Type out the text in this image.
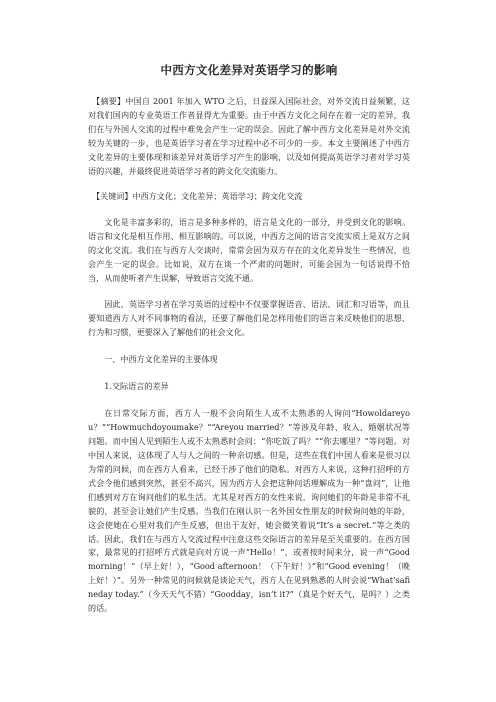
中西方文化差异对英语学习的影响

【摘要】中国自 2001 年加入 WTO 之后，日益深入国际社会，对外交流日益频繁，这对我们国内的专业英语工作者显得尤为重要。由于中西方文化之间存在着一定的差异，我们在与外国人交流的过程中难免会产生一定的误会。因此了解中西方文化差异是对外交流较为关键的一步，也是英语学习者在学习过程中必不可少的一步。本文主要阐述了中西方文化差异的主要体现和该差异对英语学习产生的影响，以及如何提高英语学习者对学习英语的兴趣，并最终促进英语学习者的跨文化交流能力。

【关键词】中西方文化；文化差异；英语学习；跨文化交流

文化是丰富多彩的，语言是多种多样的，语言是文化的一部分，并受到文化的影响。语言和文化是相互作用、相互影响的。可以说，中西方之间的语言交流实质上是双方之间的文化交流。我们在与西方人交谈时，常常会因为双方存在的文化差异发生一些情况，也会产生一定的误会。比如说，双方在谈一个严肃的问题时，可能会因为一句话说得不恰当，从而使听者产生误解，导致语言交流不通。

因此，英语学习者在学习英语的过程中不仅要掌握语音、语法、词汇和习语等，而且要知道西方人对不同事物的看法，还要了解他们是怎样用他们的语言来反映他们的思想、行为和习惯，更要深入了解他们的社会文化。

一、中西方文化差异的主要体现
1.交际语言的差异

在日常交际方面，西方人一般不会向陌生人或不太熟悉的人询问“Howoldareyou？”“Howmuchdoyoumake？”“Areyou married？”等涉及年龄、收入、婚姻状况等问题。而中国人见到陌生人或不太熟悉时会问：“你吃饭了吗？”“你去哪里？”等问题。对中国人来说，这体现了人与人之间的一种亲切感。但是，这些在我们中国人看来是很习以为常的问候，而在西方人看来，已经干涉了他们的隐私。对西方人来说，这种打招呼的方式会令他们感到突然，甚至不高兴，因为西方人会把这种问话理解成为一种“盘问”，让他们感到对方在询问他们的私生活。尤其是对西方的女性来说，询问她们的年龄是非常不礼貌的，甚至会让她们产生反感。当我们在刚认识一名外国女性朋友的时候询问她的年龄，这会使她在心里对我们产生反感，但出于友好，她会微笑着说“It’s a secret.”等之类的话。因此，我们在与西方人交流过程中注意这些交际语言的差异是至关重要的。在西方国家，最常见的打招呼方式就是向对方说一声“Hello！”，或者按时间来分，说一声“Good morning！”（早上好！），“Good afternoon！（下午好！）”和“Good evening！（晚上好！）”。另外一种常见的问候就是谈论天气，西方人在见到熟悉的人时会说“What’safineday today.”（今天天气不错）“Goodday，isn’t it?”（真是个好天气，是吗？）之类的话。
